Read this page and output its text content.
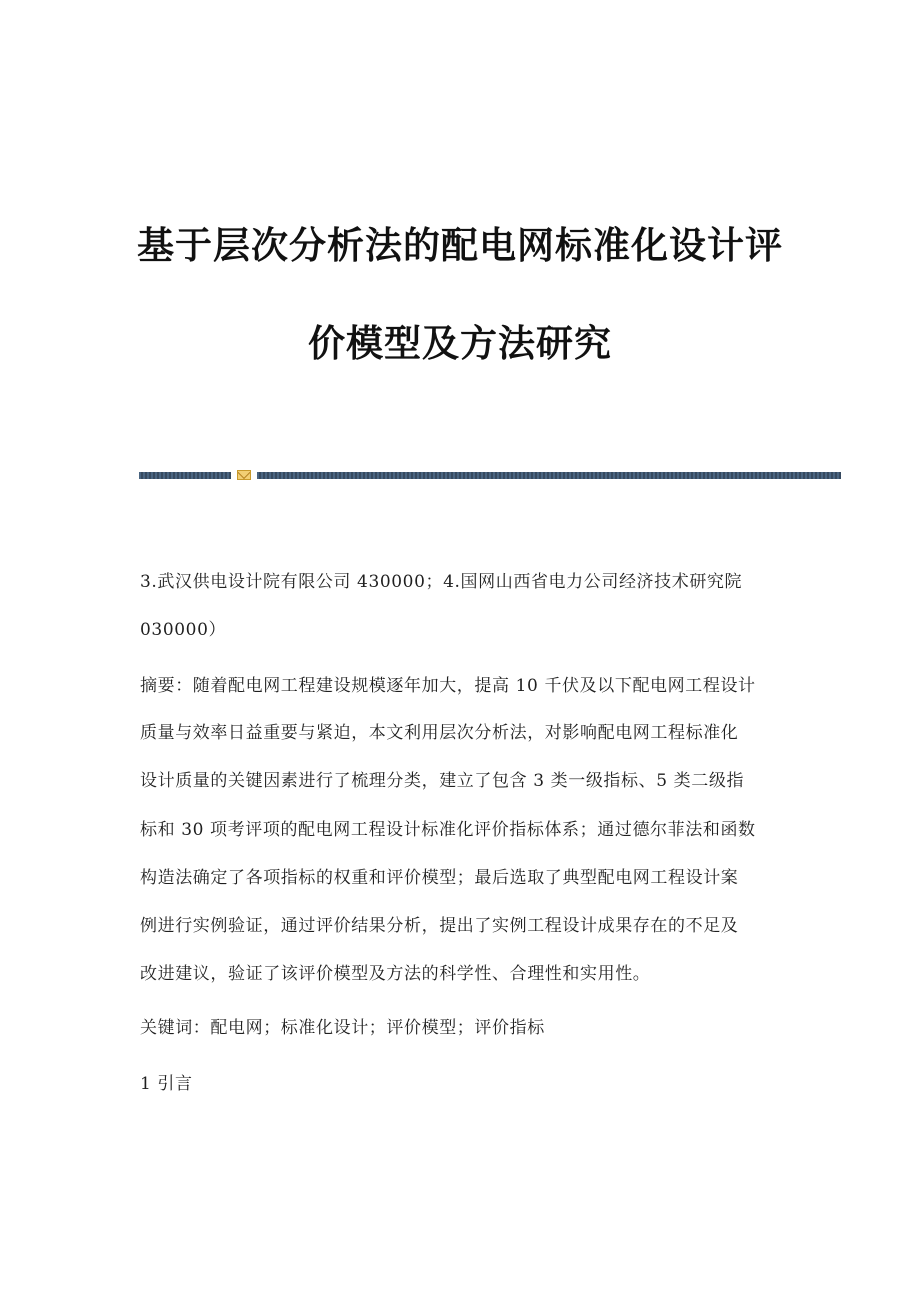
基于层次分析法的配电网标准化设计评
价模型及方法研究
3.武汉供电设计院有限公司 430000；4.国网山西省电力公司经济技术研究院
030000）
摘要：随着配电网工程建设规模逐年加大，提高 10 千伏及以下配电网工程设计
质量与效率日益重要与紧迫，本文利用层次分析法，对影响配电网工程标准化
设计质量的关键因素进行了梳理分类，建立了包含 3 类一级指标、5 类二级指
标和 30 项考评项的配电网工程设计标准化评价指标体系；通过德尔菲法和函数
构造法确定了各项指标的权重和评价模型；最后选取了典型配电网工程设计案
例进行实例验证，通过评价结果分析，提出了实例工程设计成果存在的不足及
改进建议，验证了该评价模型及方法的科学性、合理性和实用性。
关键词：配电网；标准化设计；评价模型；评价指标
1 引言
